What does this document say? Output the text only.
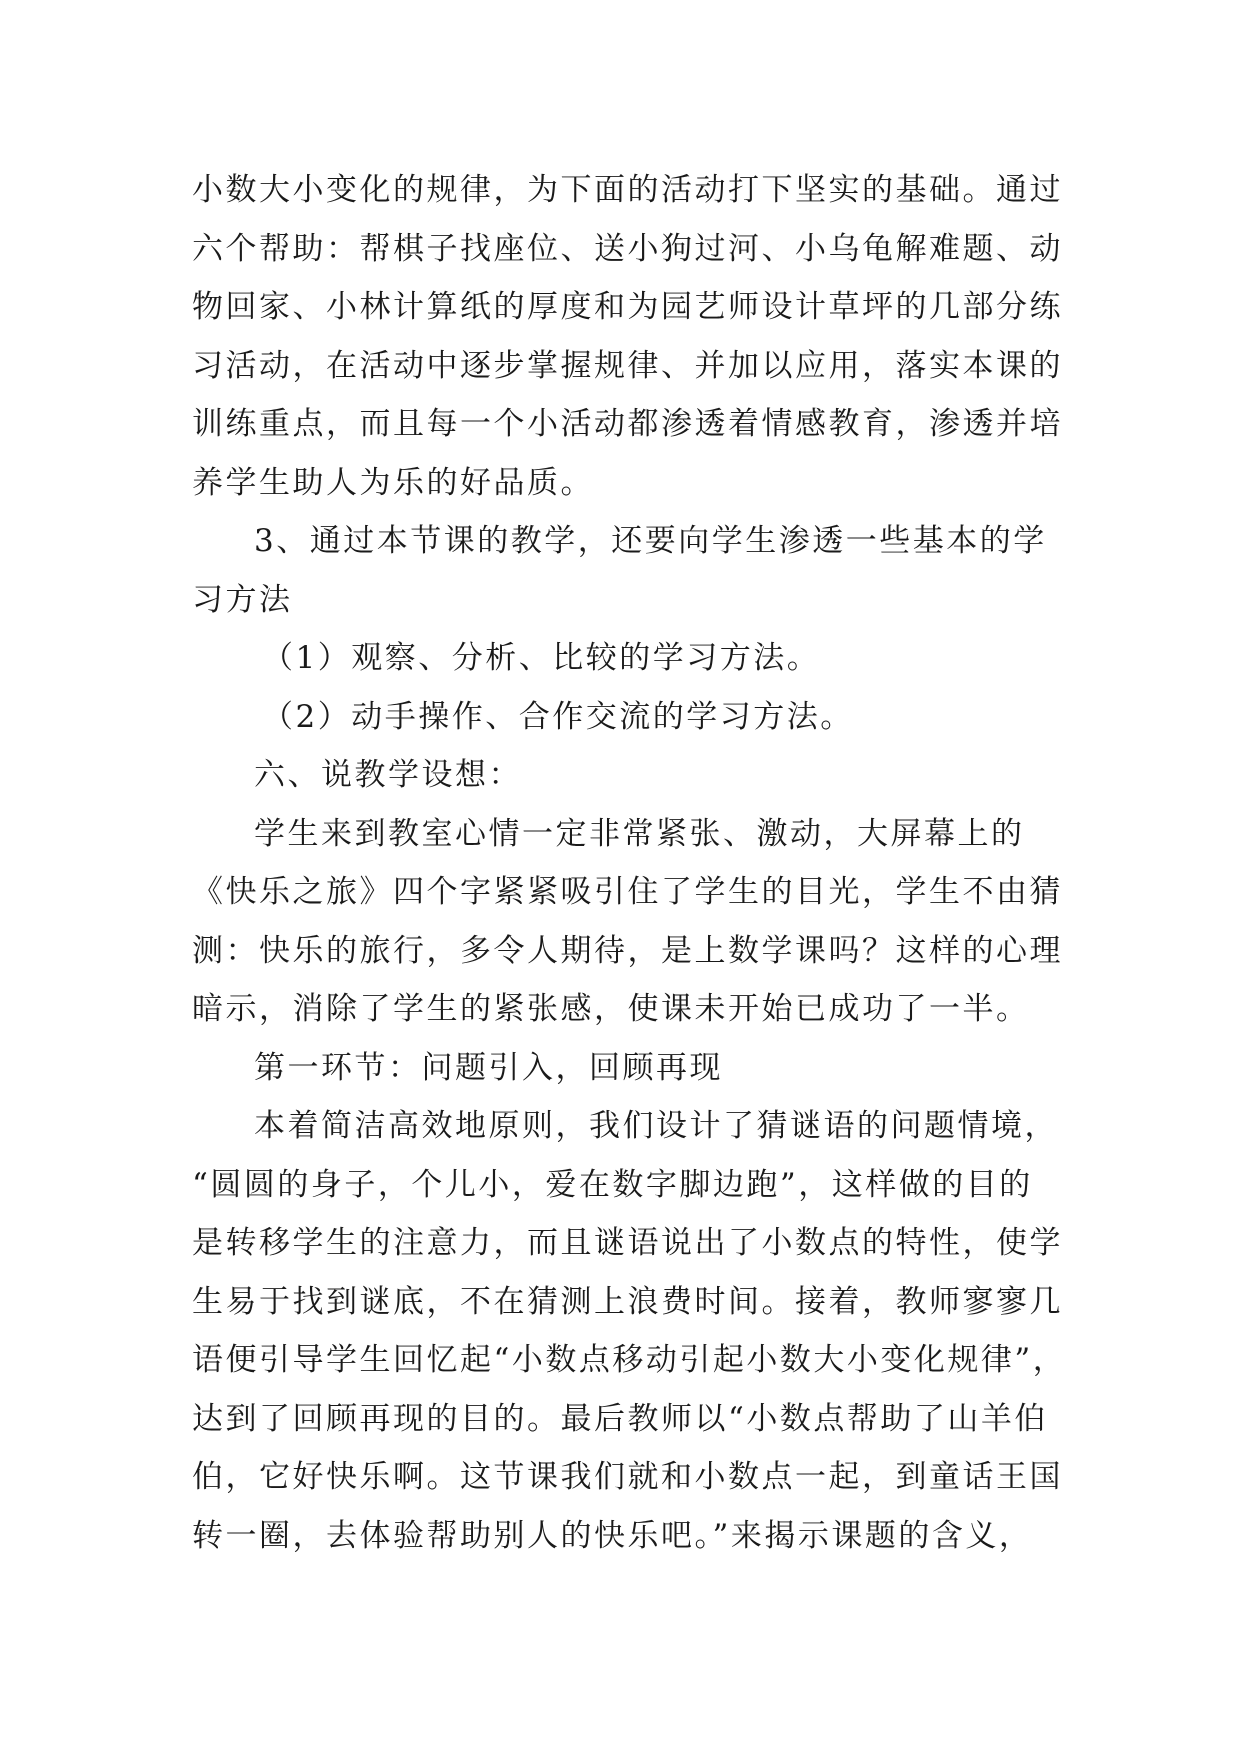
小数大小变化的规律，为下面的活动打下坚实的基础。通过
六个帮助：帮棋子找座位、送小狗过河、小乌龟解难题、动
物回家、小林计算纸的厚度和为园艺师设计草坪的几部分练
习活动，在活动中逐步掌握规律、并加以应用，落实本课的
训练重点，而且每一个小活动都渗透着情感教育，渗透并培
养学生助人为乐的好品质。
3、通过本节课的教学，还要向学生渗透一些基本的学
习方法
（1）观察、分析、比较的学习方法。
（2）动手操作、合作交流的学习方法。
六、说教学设想：
学生来到教室心情一定非常紧张、激动，大屏幕上的
《快乐之旅》四个字紧紧吸引住了学生的目光，学生不由猜
测：快乐的旅行，多令人期待，是上数学课吗？这样的心理
暗示，消除了学生的紧张感，使课未开始已成功了一半。
第一环节：问题引入，回顾再现
本着简洁高效地原则，我们设计了猜谜语的问题情境，
“圆圆的身子，个儿小，爱在数字脚边跑”，这样做的目的
是转移学生的注意力，而且谜语说出了小数点的特性，使学
生易于找到谜底，不在猜测上浪费时间。接着，教师寥寥几
语便引导学生回忆起“小数点移动引起小数大小变化规律”，
达到了回顾再现的目的。最后教师以“小数点帮助了山羊伯
伯，它好快乐啊。这节课我们就和小数点一起，到童话王国
转一圈，去体验帮助别人的快乐吧。”来揭示课题的含义，
